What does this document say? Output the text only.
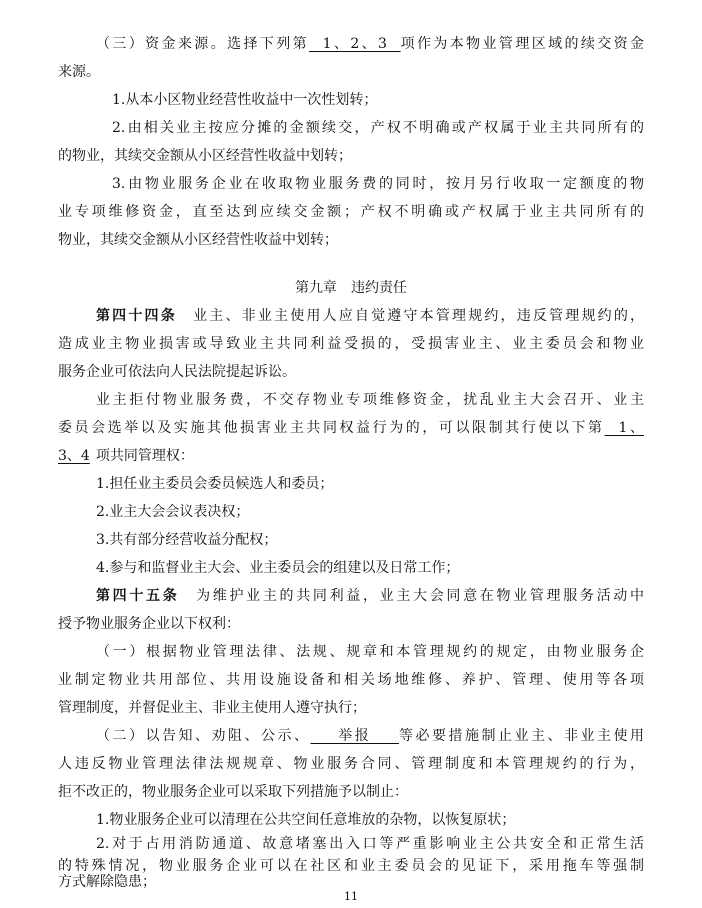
（三）资金来源。选择下列第  1、2、3  项作为本物业管理区域的续交资金
来源。
1.从本小区物业经营性收益中一次性划转；
2.由相关业主按应分摊的金额续交，产权不明确或产权属于业主共同所有的
的物业，其续交金额从小区经营性收益中划转；
3.由物业服务企业在收取物业服务费的同时，按月另行收取一定额度的物
业专项维修资金，直至达到应续交金额；产权不明确或产权属于业主共同所有的
物业，其续交金额从小区经营性收益中划转；
第九章　违约责任
第四十四条　业主、非业主使用人应自觉遵守本管理规约，违反管理规约的，
造成业主物业损害或导致业主共同利益受损的，受损害业主、业主委员会和物业
服务企业可依法向人民法院提起诉讼。
业主拒付物业服务费，不交存物业专项维修资金，扰乱业主大会召开、业主
委员会选举以及实施其他损害业主共同权益行为的，可以限制其行使以下第  1、
3、4 项共同管理权：
1.担任业主委员会委员候选人和委员；
2.业主大会会议表决权；
3.共有部分经营收益分配权；
4.参与和监督业主大会、业主委员会的组建以及日常工作；
第四十五条　为维护业主的共同利益，业主大会同意在物业管理服务活动中
授予物业服务企业以下权利：
（一）根据物业管理法律、法规、规章和本管理规约的规定，由物业服务企
业制定物业共用部位、共用设施设备和相关场地维修、养护、管理、使用等各项
管理制度，并督促业主、非业主使用人遵守执行；
（二）以告知、劝阻、公示、    举报    等必要措施制止业主、非业主使用
人违反物业管理法律法规规章、物业服务合同、管理制度和本管理规约的行为，
拒不改正的，物业服务企业可以采取下列措施予以制止：
1.物业服务企业可以清理在公共空间任意堆放的杂物，以恢复原状；
2.对于占用消防通道、故意堵塞出入口等严重影响业主公共安全和正常生活
的特殊情况，物业服务企业可以在社区和业主委员会的见证下，采用拖车等强制
方式解除隐患；
11
